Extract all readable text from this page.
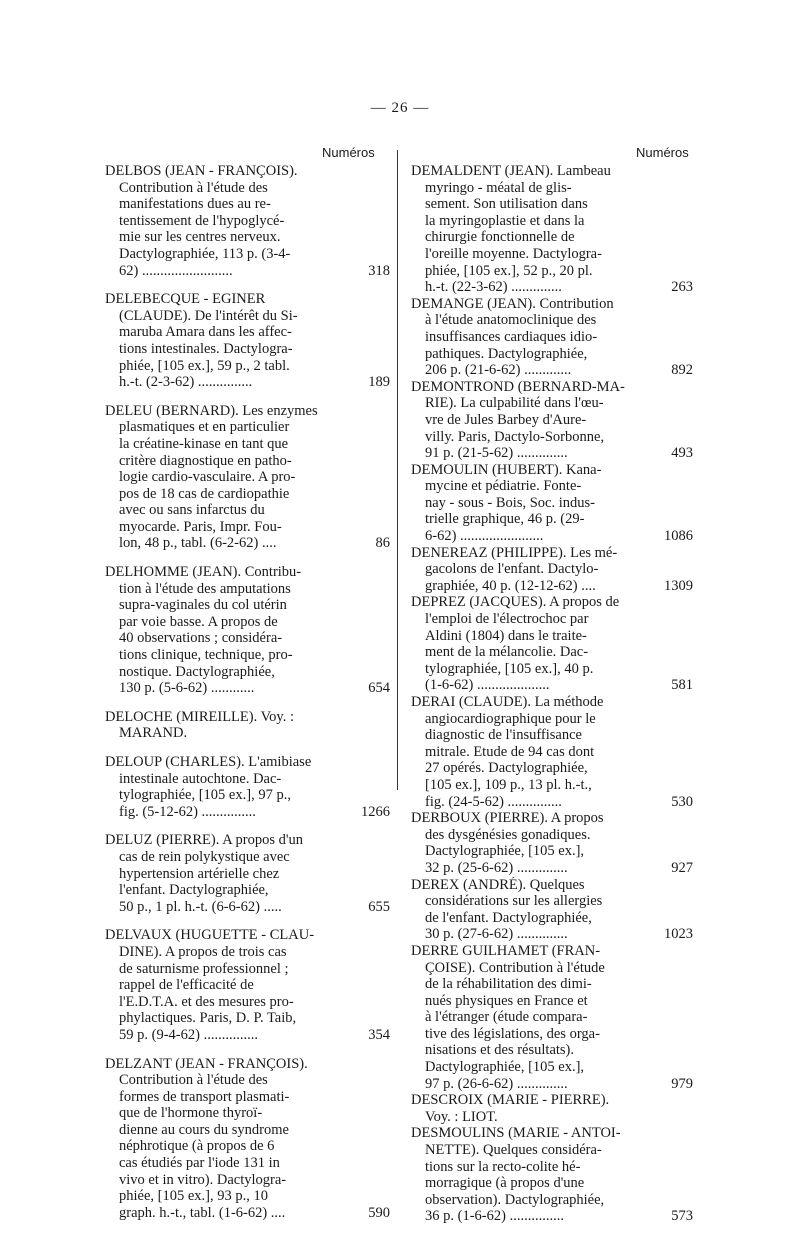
— 26 —
Numéros	Numéros
DELBOS (JEAN - FRANÇOIS).
Contribution à l'étude des
manifestations dues au re-
tentissement de l'hypoglycé-
mie sur les centres nerveux.
Dactylographiée, 113 p. (3-4-
62) .........................	318
DELEBECQUE - EGINER
(CLAUDE). De l'intérêt du Si-
maruba Amara dans les affec-
tions intestinales. Dactylogra-
phiée, [105 ex.], 59 p., 2 tabl.
h.-t. (2-3-62) ...............	189
DELEU (BERNARD). Les enzymes
plasmatiques et en particulier
la créatine-kinase en tant que
critère diagnostique en patho-
logie cardio-vasculaire. A pro-
pos de 18 cas de cardiopathie
avec ou sans infarctus du
myocarde. Paris, Impr. Fou-
lon, 48 p., tabl. (6-2-62) ....	86
DELHOMME (JEAN). Contribu-
tion à l'étude des amputations
supra-vaginales du col utérin
par voie basse. A propos de
40 observations ; considéra-
tions clinique, technique, pro-
nostique. Dactylographiée,
130 p. (5-6-62) ............	654
DELOCHE (MIREILLE). Voy. :
MARAND.
DELOUP (CHARLES). L'amibiase
intestinale autochtone. Dac-
tylographiée, [105 ex.], 97 p.,
fig. (5-12-62) ...............	1266
DELUZ (PIERRE). A propos d'un
cas de rein polykystique avec
hypertension artérielle chez
l'enfant. Dactylographiée,
50 p., 1 pl. h.-t. (6-6-62) .....	655
DELVAUX (HUGUETTE - CLAU-
DINE). A propos de trois cas
de saturnisme professionnel ;
rappel de l'efficacité de
l'E.D.T.A. et des mesures pro-
phylactiques. Paris, D. P. Taib,
59 p. (9-4-62) ...............	354
DELZANT (JEAN - FRANÇOIS).
Contribution à l'étude des
formes de transport plasmati-
que de l'hormone thyroï-
dienne au cours du syndrome
néphrotique (à propos de 6
cas étudiés par l'iode 131 in
vivo et in vitro). Dactylogra-
phiée, [105 ex.], 93 p., 10
graph. h.-t., tabl. (1-6-62) ....	590
DEMALDENT (JEAN). Lambeau
myringo - méatal de glis-
sement. Son utilisation dans
la myringoplastie et dans la
chirurgie fonctionnelle de
l'oreille moyenne. Dactylogra-
phiée, [105 ex.], 52 p., 20 pl.
h.-t. (22-3-62) ..............	263
DEMANGE (JEAN). Contribution
à l'étude anatomoclinique des
insuffisances cardiaques idio-
pathiques. Dactylographiée,
206 p. (21-6-62) .............	892
DEMONTROND (BERNARD-MA-
RIE). La culpabilité dans l'œu-
vre de Jules Barbey d'Aure-
villy. Paris, Dactylo-Sorbonne,
91 p. (21-5-62) ..............	493
DEMOULIN (HUBERT). Kana-
mycine et pédiatrie. Fonte-
nay - sous - Bois, Soc. indus-
trielle graphique, 46 p. (29-
6-62) .......................	1086
DENEREAZ (PHILIPPE). Les mé-
gacolons de l'enfant. Dactylo-
graphiée, 40 p. (12-12-62) ....	1309
DEPREZ (JACQUES). A propos de
l'emploi de l'électrochoc par
Aldini (1804) dans le traite-
ment de la mélancolie. Dac-
tylographiée, [105 ex.], 40 p.
(1-6-62) ....................	581
DERAI (CLAUDE). La méthode
angiocardiographique pour le
diagnostic de l'insuffisance
mitrale. Etude de 94 cas dont
27 opérés. Dactylographiée,
[105 ex.], 109 p., 13 pl. h.-t.,
fig. (24-5-62) ...............	530
DERBOUX (PIERRE). A propos
des dysgénésies gonadiques.
Dactylographiée, [105 ex.],
32 p. (25-6-62) ..............	927
DEREX (ANDRÉ). Quelques
considérations sur les allergies
de l'enfant. Dactylographiée,
30 p. (27-6-62) ..............	1023
DERRE GUILHAMET (FRAN-
ÇOISE). Contribution à l'étude
de la réhabilitation des dimi-
nués physiques en France et
à l'étranger (étude compara-
tive des législations, des orga-
nisations et des résultats).
Dactylographiée, [105 ex.],
97 p. (26-6-62) ..............	979
DESCROIX (MARIE - PIERRE).
Voy. : LIOT.
DESMOULINS (MARIE - ANTOI-
NETTE). Quelques considéra-
tions sur la recto-colite hé-
morragique (à propos d'une
observation). Dactylographiée,
36 p. (1-6-62) ...............	573
